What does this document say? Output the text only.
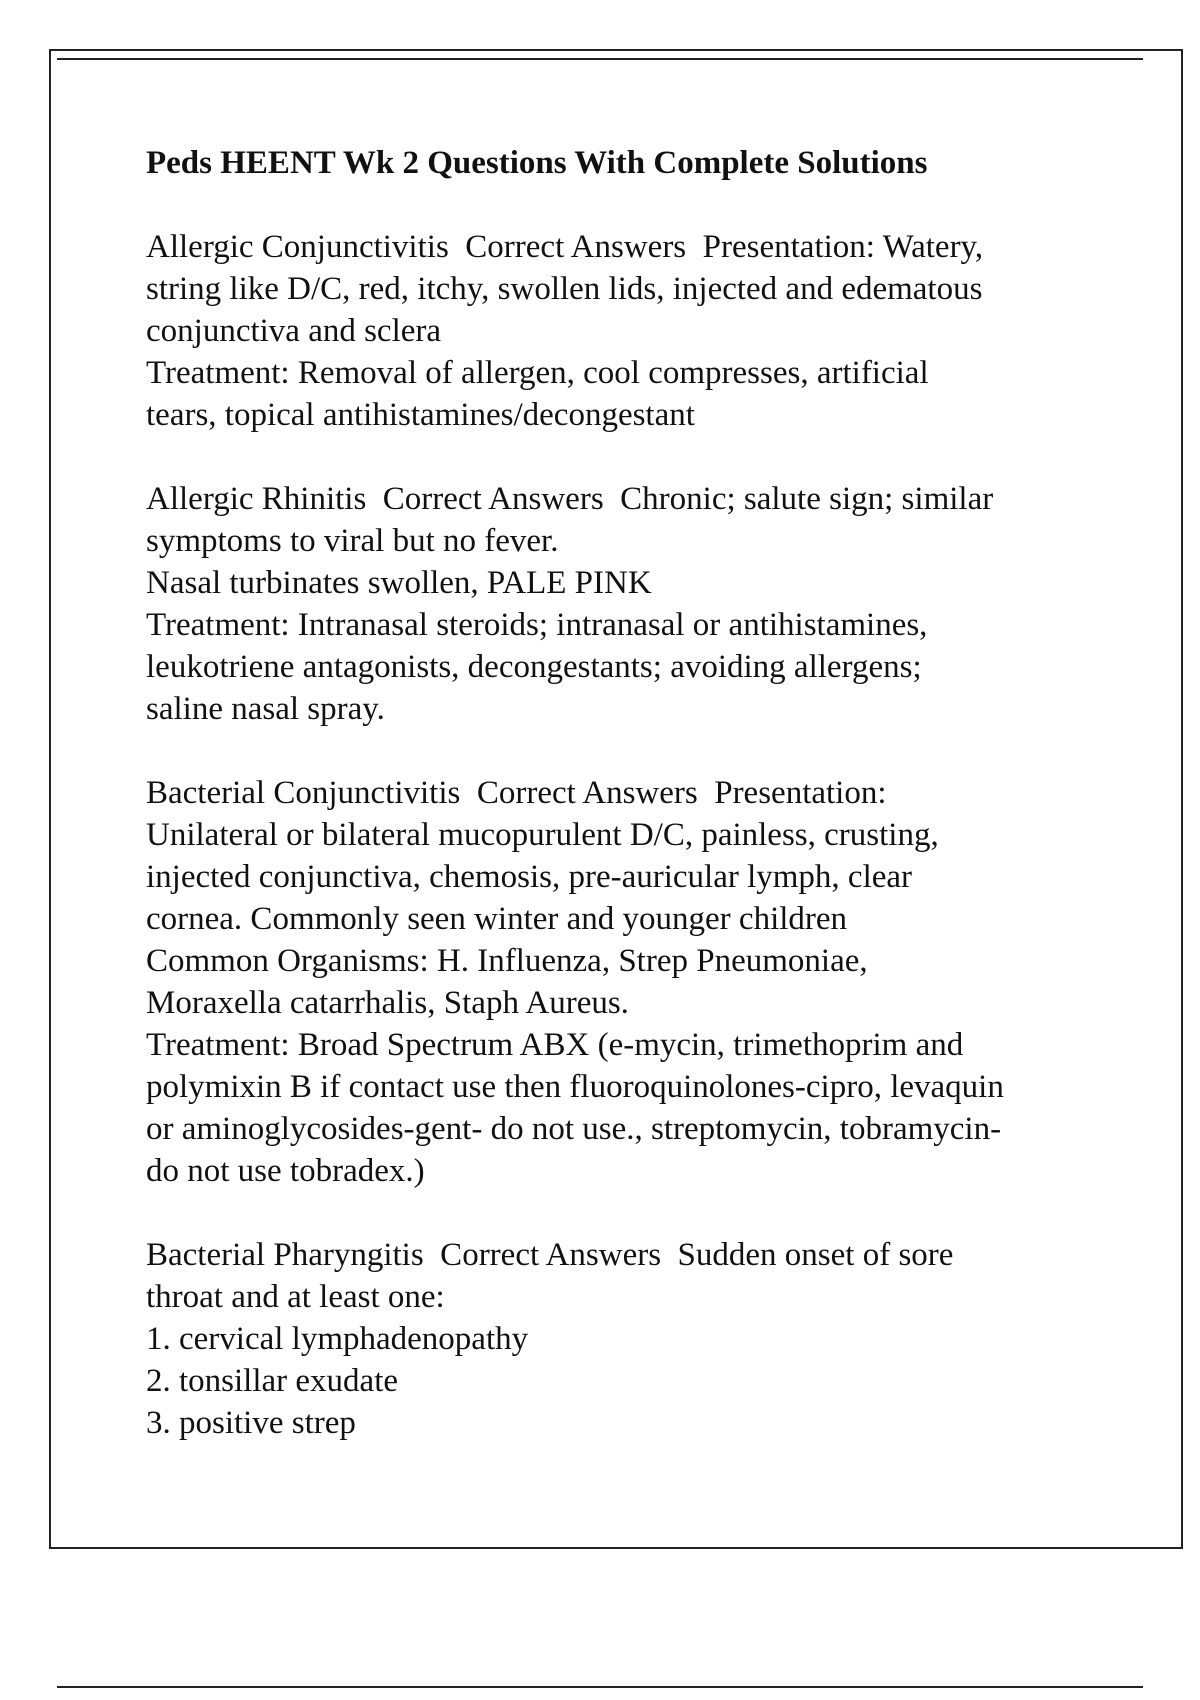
Peds HEENT Wk 2 Questions With Complete Solutions
Allergic Conjunctivitis  Correct Answers  Presentation: Watery,
string like D/C, red, itchy, swollen lids, injected and edematous
conjunctiva and sclera
Treatment: Removal of allergen, cool compresses, artificial
tears, topical antihistamines/decongestant
Allergic Rhinitis  Correct Answers  Chronic; salute sign; similar
symptoms to viral but no fever.
Nasal turbinates swollen, PALE PINK
Treatment: Intranasal steroids; intranasal or antihistamines,
leukotriene antagonists, decongestants; avoiding allergens;
saline nasal spray.
Bacterial Conjunctivitis  Correct Answers  Presentation:
Unilateral or bilateral mucopurulent D/C, painless, crusting,
injected conjunctiva, chemosis, pre-auricular lymph, clear
cornea. Commonly seen winter and younger children
Common Organisms: H. Influenza, Strep Pneumoniae,
Moraxella catarrhalis, Staph Aureus.
Treatment: Broad Spectrum ABX (e-mycin, trimethoprim and
polymixin B if contact use then fluoroquinolones-cipro, levaquin
or aminoglycosides-gent- do not use., streptomycin, tobramycin-
do not use tobradex.)
Bacterial Pharyngitis  Correct Answers  Sudden onset of sore
throat and at least one:
1. cervical lymphadenopathy
2. tonsillar exudate
3. positive strep
